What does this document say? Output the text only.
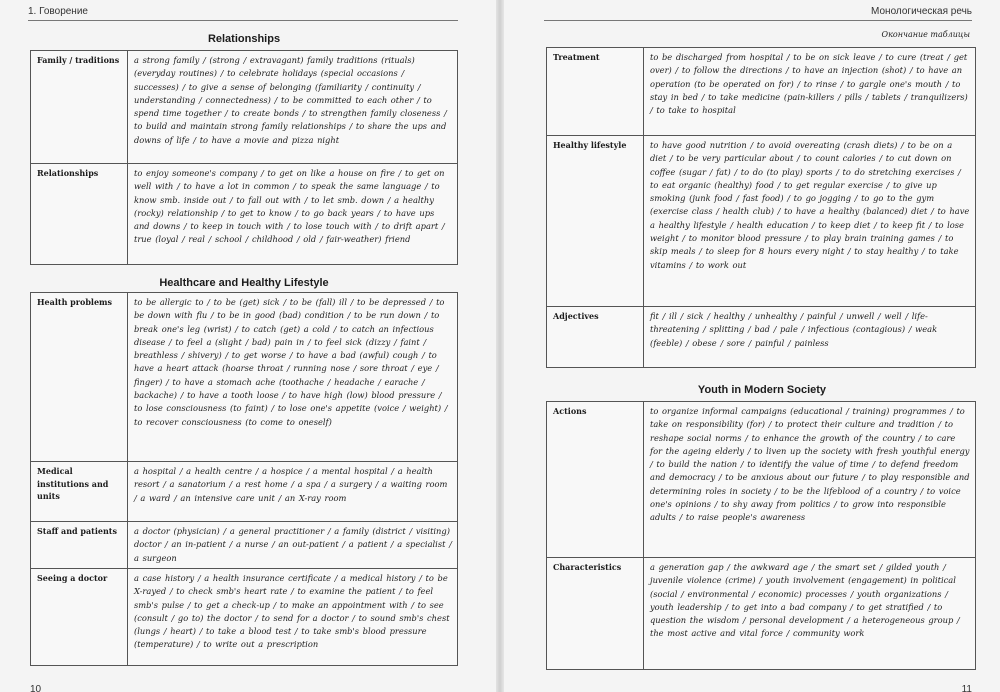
1. Говорение
Relationships
Family / traditions	a strong family / (strong / extravagant) family traditions (rituals) (everyday routines) / to celebrate holidays (special occasions / successes) / to give a sense of belonging (familiarity / continuity / understanding / connectedness) / to be committed to each other / to spend time together / to create bonds / to strengthen family closeness / to build and maintain strong family relationships / to share the ups and downs of life / to have a movie and pizza night
Relationships	to enjoy someone's company / to get on like a house on fire / to get on well with / to have a lot in common / to speak the same language / to know smb. inside out / to fall out with / to let smb. down / a healthy (rocky) relationship / to get to know / to go back years / to have ups and downs / to keep in touch with / to lose touch with / to drift apart / true (loyal / real / school / childhood / old / fair-weather) friend
Healthcare and Healthy Lifestyle
Health problems	to be allergic to / to be (get) sick / to be (fall) ill / to be depressed / to be down with flu / to be in good (bad) condition / to be run down / to break one's leg (wrist) / to catch (get) a cold / to catch an infectious disease / to feel a (slight / bad) pain in / to feel sick (dizzy / faint / breathless / shivery) / to get worse / to have a bad (awful) cough / to have a heart attack (hoarse throat / running nose / sore throat / eye / finger) / to have a stomach ache (toothache / headache / earache / backache) / to have a tooth loose / to have high (low) blood pressure / to lose consciousness (to faint) / to lose one's appetite (voice / weight) / to recover consciousness (to come to oneself)
Medical institutions and units	a hospital / a health centre / a hospice / a mental hospital / a health resort / a sanatorium / a rest home / a spa / a surgery / a waiting room / a ward / an intensive care unit / an X-ray room
Staff and patients	a doctor (physician) / a general practitioner / a family (district / visiting) doctor / an in-patient / a nurse / an out-patient / a patient / a specialist / a surgeon
Seeing a doctor	a case history / a health insurance certificate / a medical history / to be X-rayed / to check smb's heart rate / to examine the patient / to feel smb's pulse / to get a check-up / to make an appointment with / to see (consult / go to) the doctor / to send for a doctor / to sound smb's chest (lungs / heart) / to take a blood test / to take smb's blood pressure (temperature) / to write out a prescription
10
Монологическая речь
Окончание таблицы
Treatment	to be discharged from hospital / to be on sick leave / to cure (treat / get over) / to follow the directions / to have an injection (shot) / to have an operation (to be operated on for) / to rinse / to gargle one's mouth / to stay in bed / to take medicine (pain-killers / pills / tablets / tranquilizers) / to take to hospital
Healthy lifestyle	to have good nutrition / to avoid overeating (crash diets) / to be on a diet / to be very particular about / to count calories / to cut down on coffee (sugar / fat) / to do (to play) sports / to do stretching exercises / to eat organic (healthy) food / to get regular exercise / to give up smoking (junk food / fast food) / to go jogging / to go to the gym (exercise class / health club) / to have a healthy (balanced) diet / to have a healthy lifestyle / health education / to keep diet / to keep fit / to lose weight / to monitor blood pressure / to play brain training games / to skip meals / to sleep for 8 hours every night / to stay healthy / to take vitamins / to work out
Adjectives	fit / ill / sick / healthy / unhealthy / painful / unwell / well / life-threatening / splitting / bad / pale / infectious (contagious) / weak (feeble) / obese / sore / painful / painless
Youth in Modern Society
Actions	to organize informal campaigns (educational / training) programmes / to take on responsibility (for) / to protect their culture and tradition / to reshape social norms / to enhance the growth of the country / to care for the ageing elderly / to liven up the society with fresh youthful energy / to build the nation / to identify the value of time / to defend freedom and democracy / to be anxious about our future / to play responsible and determining roles in society / to be the lifeblood of a country / to voice one's opinions / to shy away from politics / to grow into responsible adults / to raise people's awareness
Characteristics	a generation gap / the awkward age / the smart set / gilded youth / juvenile violence (crime) / youth involvement (engagement) in political (social / environmental / economic) processes / youth organizations / youth leadership / to get into a bad company / to get stratified / to question the wisdom / personal development / a heterogeneous group / the most active and vital force / community work
11
